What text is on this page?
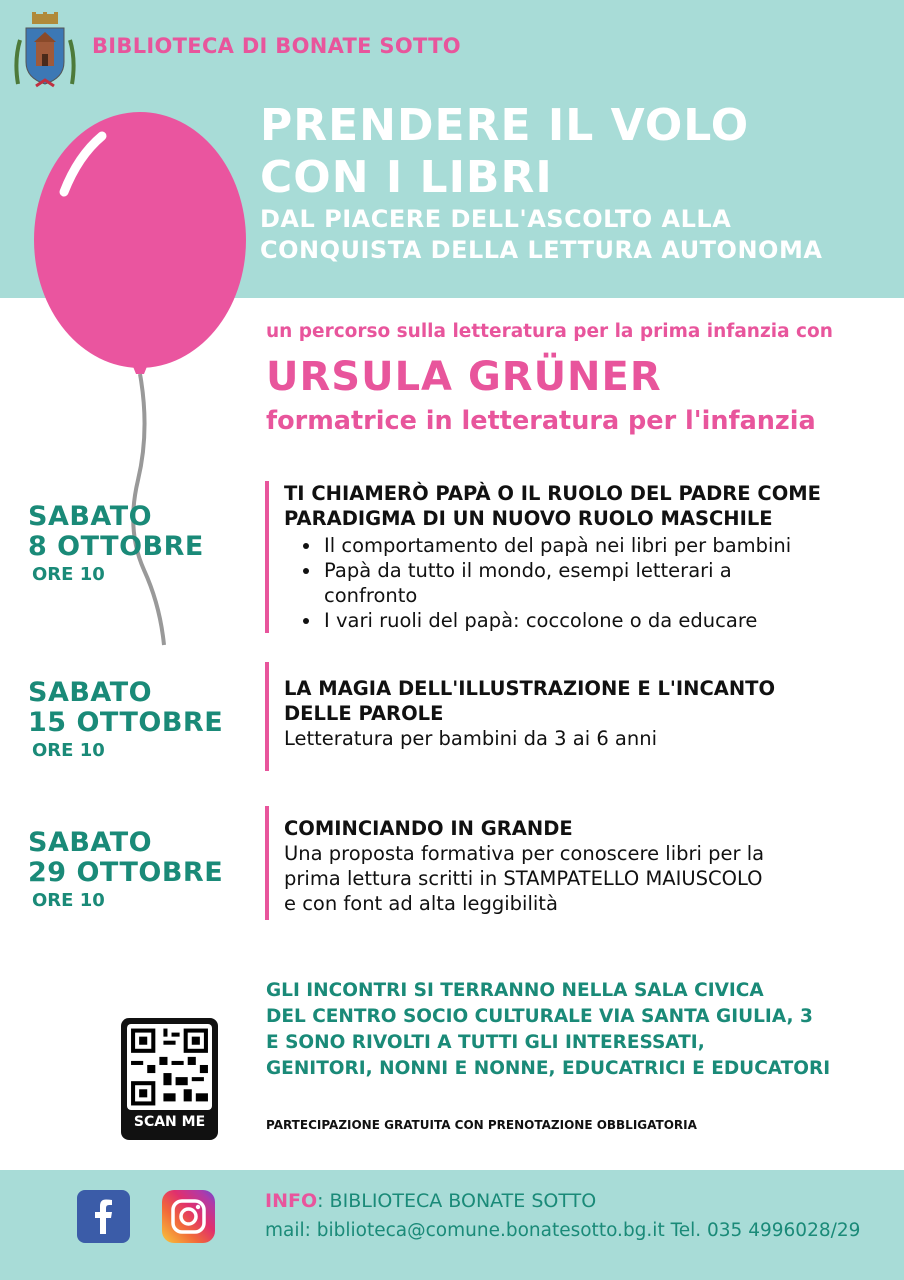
BIBLIOTECA DI BONATE SOTTO
PRENDERE IL VOLO
CON I LIBRI
DAL PIACERE DELL'ASCOLTO ALLA
CONQUISTA DELLA LETTURA AUTONOMA
un percorso sulla letteratura per la prima infanzia con
URSULA GRÜNER
formatrice in letteratura per l'infanzia
SABATO
8 OTTOBRE
ORE 10
TI CHIAMERÒ PAPÀ O IL RUOLO DEL PADRE COME
PARADIGMA DI UN NUOVO RUOLO MASCHILE
• Il comportamento del papà nei libri per bambini
• Papà da tutto il mondo, esempi letterari a confronto
• I vari ruoli del papà: coccolone o da educare
SABATO
15 OTTOBRE
ORE 10
LA MAGIA DELL'ILLUSTRAZIONE E L'INCANTO
DELLE PAROLE
Letteratura per bambini da 3 ai 6 anni
SABATO
29 OTTOBRE
ORE 10
COMINCIANDO IN GRANDE
Una proposta formativa per conoscere libri per la
prima lettura scritti in STAMPATELLO MAIUSCOLO
e con font ad alta leggibilità
SCAN ME
GLI INCONTRI SI TERRANNO NELLA SALA CIVICA
DEL CENTRO SOCIO CULTURALE VIA SANTA GIULIA, 3
E SONO RIVOLTI A TUTTI GLI INTERESSATI,
GENITORI, NONNI E NONNE, EDUCATRICI E EDUCATORI
PARTECIPAZIONE GRATUITA CON PRENOTAZIONE OBBLIGATORIA
INFO: BIBLIOTECA BONATE SOTTO
mail: biblioteca@comune.bonatesotto.bg.it Tel. 035 4996028/29
